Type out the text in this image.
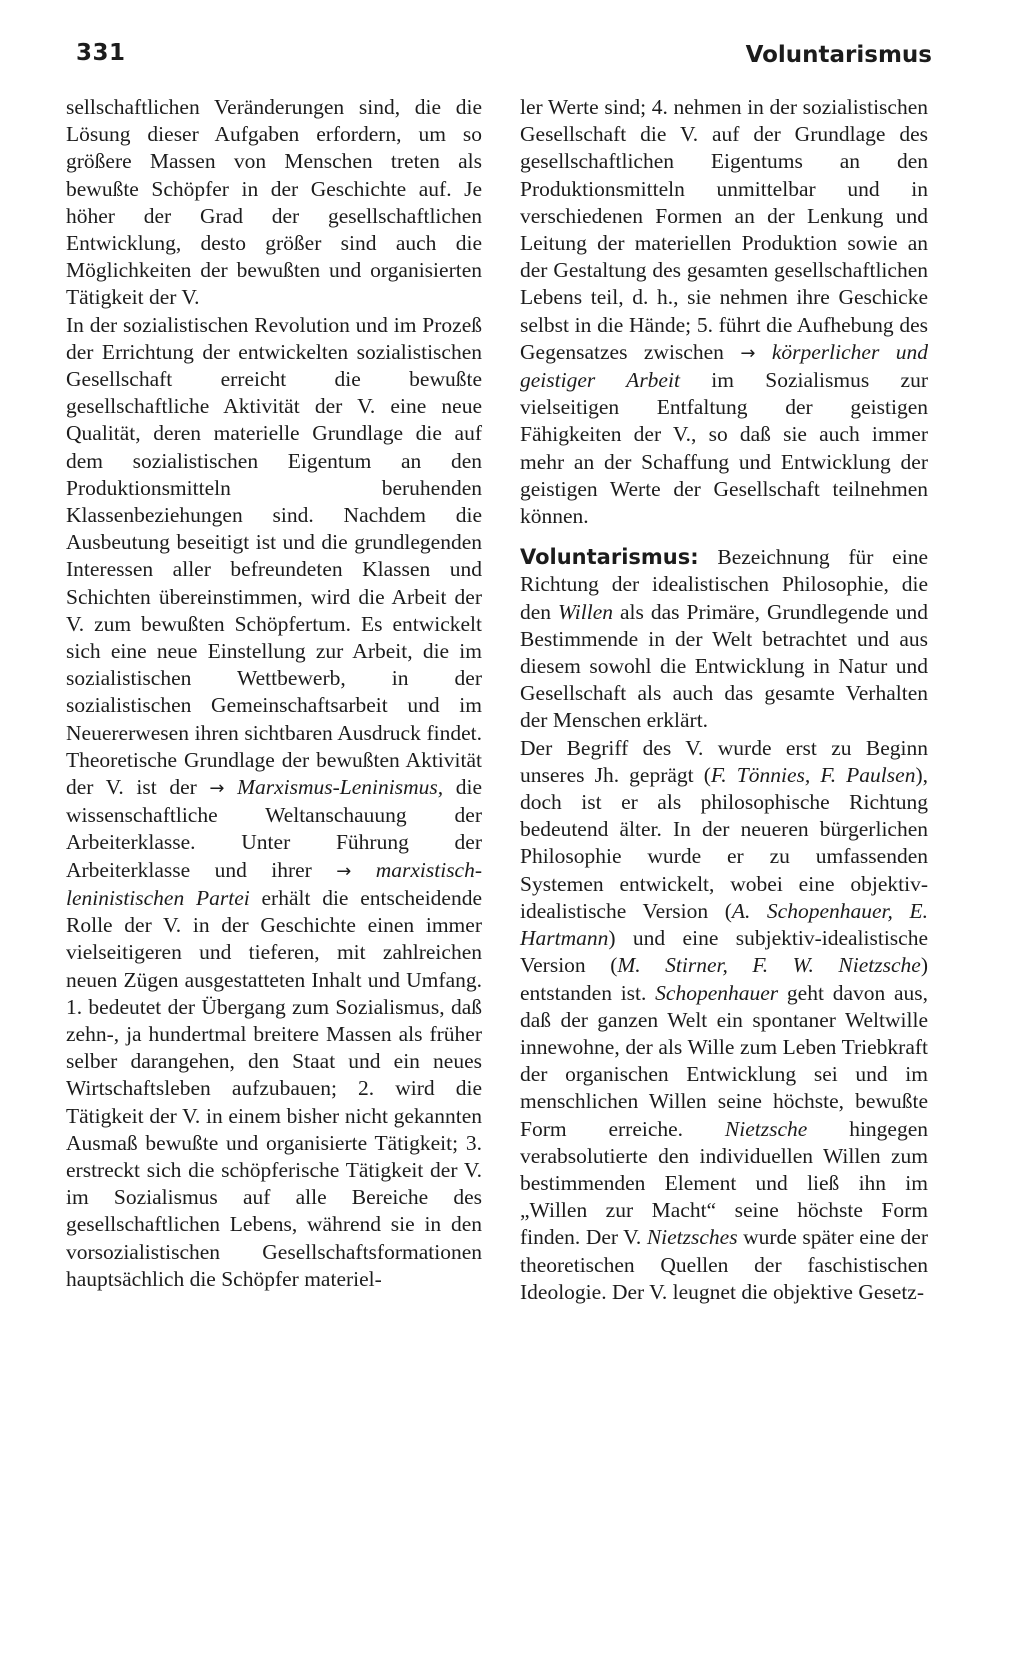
331	Voluntarismus

sellschaftlichen Veränderungen sind, die die Lösung dieser Aufgaben erfordern, um so größere Massen von Menschen treten als bewußte Schöpfer in der Geschichte auf. Je höher der Grad der gesellschaftlichen Entwicklung, desto größer sind auch die Möglichkeiten der bewußten und organisierten Tätigkeit der V.

In der sozialistischen Revolution und im Prozeß der Errichtung der entwickelten sozialistischen Gesellschaft erreicht die bewußte gesellschaftliche Aktivität der V. eine neue Qualität, deren materielle Grundlage die auf dem sozialistischen Eigentum an den Produktionsmitteln beruhenden Klassenbeziehungen sind. Nachdem die Ausbeutung beseitigt ist und die grundlegenden Interessen aller befreundeten Klassen und Schichten übereinstimmen, wird die Arbeit der V. zum bewußten Schöpfertum. Es entwickelt sich eine neue Einstellung zur Arbeit, die im sozialistischen Wettbewerb, in der sozialistischen Gemeinschaftsarbeit und im Neuererwesen ihren sichtbaren Ausdruck findet. Theoretische Grundlage der bewußten Aktivität der V. ist der → Marxismus-Leninismus, die wissenschaftliche Weltanschauung der Arbeiterklasse. Unter Führung der Arbeiterklasse und ihrer → marxistisch-leninistischen Partei erhält die entscheidende Rolle der V. in der Geschichte einen immer vielseitigeren und tieferen, mit zahlreichen neuen Zügen ausgestatteten Inhalt und Umfang. 1. bedeutet der Übergang zum Sozialismus, daß zehn-, ja hundertmal breitere Massen als früher selber darangehen, den Staat und ein neues Wirtschaftsleben aufzubauen; 2. wird die Tätigkeit der V. in einem bisher nicht gekannten Ausmaß bewußte und organisierte Tätigkeit; 3. erstreckt sich die schöpferische Tätigkeit der V. im Sozialismus auf alle Bereiche des gesellschaftlichen Lebens, während sie in den vorsozialistischen Gesellschaftsformationen hauptsächlich die Schöpfer materiel-

ler Werte sind; 4. nehmen in der sozialistischen Gesellschaft die V. auf der Grundlage des gesellschaftlichen Eigentums an den Produktionsmitteln unmittelbar und in verschiedenen Formen an der Lenkung und Leitung der materiellen Produktion sowie an der Gestaltung des gesamten gesellschaftlichen Lebens teil, d. h., sie nehmen ihre Geschicke selbst in die Hände; 5. führt die Aufhebung des Gegensatzes zwischen → körperlicher und geistiger Arbeit im Sozialismus zur vielseitigen Entfaltung der geistigen Fähigkeiten der V., so daß sie auch immer mehr an der Schaffung und Entwicklung der geistigen Werte der Gesellschaft teilnehmen können.

Voluntarismus: Bezeichnung für eine Richtung der idealistischen Philosophie, die den Willen als das Primäre, Grundlegende und Bestimmende in der Welt betrachtet und aus diesem sowohl die Entwicklung in Natur und Gesellschaft als auch das gesamte Verhalten der Menschen erklärt.

Der Begriff des V. wurde erst zu Beginn unseres Jh. geprägt (F. Tönnies, F. Paulsen), doch ist er als philosophische Richtung bedeutend älter. In der neueren bürgerlichen Philosophie wurde er zu umfassenden Systemen entwickelt, wobei eine objektiv-idealistische Version (A. Schopenhauer, E. Hartmann) und eine subjektiv-idealistische Version (M. Stirner, F. W. Nietzsche) entstanden ist. Schopenhauer geht davon aus, daß der ganzen Welt ein spontaner Weltwille innewohne, der als Wille zum Leben Triebkraft der organischen Entwicklung sei und im menschlichen Willen seine höchste, bewußte Form erreiche. Nietzsche hingegen verabsolutierte den individuellen Willen zum bestimmenden Element und ließ ihn im „Willen zur Macht“ seine höchste Form finden. Der V. Nietzsches wurde später eine der theoretischen Quellen der faschistischen Ideologie. Der V. leugnet die objektive Gesetz-
